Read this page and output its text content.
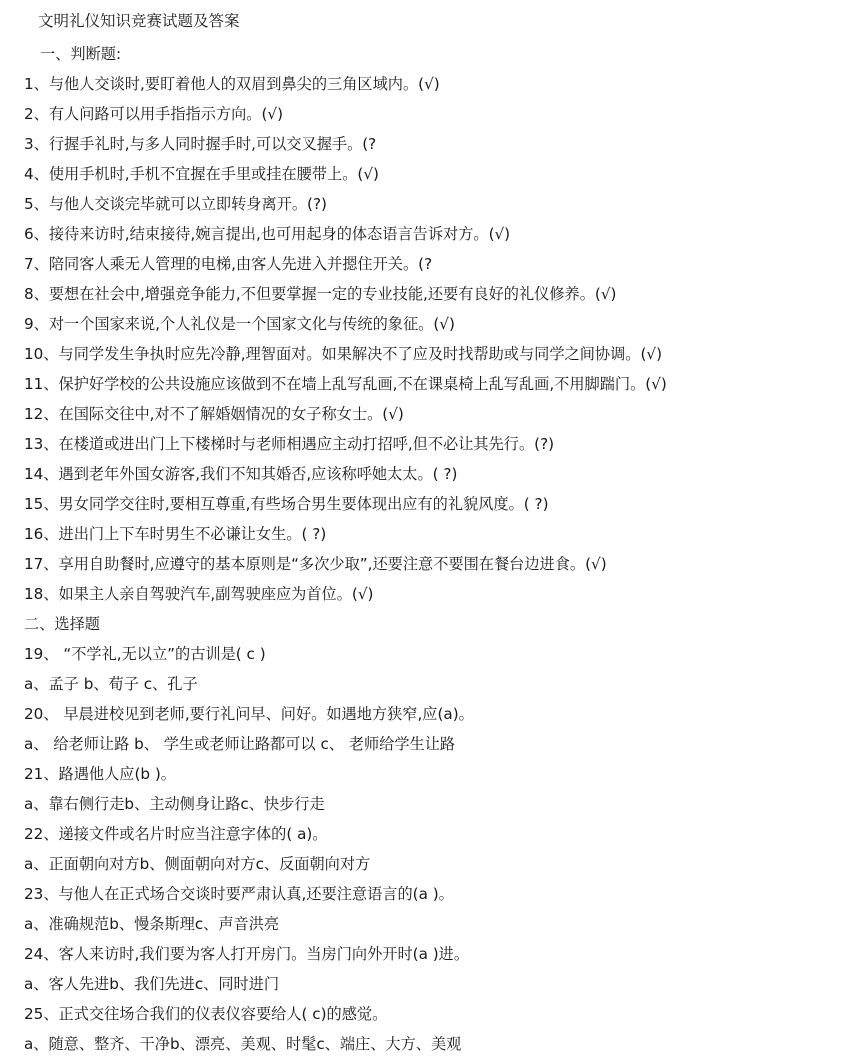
文明礼仪知识竞赛试题及答案
一、判断题:
1、与他人交谈时,要盯着他人的双眉到鼻尖的三角区域内。(√)
2、有人问路可以用手指指示方向。(√)
3、行握手礼时,与多人同时握手时,可以交叉握手。(?
4、使用手机时,手机不宜握在手里或挂在腰带上。(√)
5、与他人交谈完毕就可以立即转身离开。(?)
6、接待来访时,结束接待,婉言提出,也可用起身的体态语言告诉对方。(√)
7、陪同客人乘无人管理的电梯,由客人先进入并摁住开关。(?
8、要想在社会中,增强竞争能力,不但要掌握一定的专业技能,还要有良好的礼仪修养。(√)
9、对一个国家来说,个人礼仪是一个国家文化与传统的象征。(√)
10、与同学发生争执时应先冷静,理智面对。如果解决不了应及时找帮助或与同学之间协调。(√)
11、保护好学校的公共设施应该做到不在墙上乱写乱画,不在课桌椅上乱写乱画,不用脚踹门。(√)
12、在国际交往中,对不了解婚姻情况的女子称女士。(√)
13、在楼道或进出门上下楼梯时与老师相遇应主动打招呼,但不必让其先行。(?)
14、遇到老年外国女游客,我们不知其婚否,应该称呼她太太。( ?)
15、男女同学交往时,要相互尊重,有些场合男生要体现出应有的礼貌风度。( ?)
16、进出门上下车时男生不必谦让女生。( ?)
17、享用自助餐时,应遵守的基本原则是“多次少取”,还要注意不要围在餐台边进食。(√)
18、如果主人亲自驾驶汽车,副驾驶座应为首位。(√)
二、选择题
19、 “不学礼,无以立”的古训是( c )
a、孟子 b、荀子 c、孔子
20、 早晨进校见到老师,要行礼问早、问好。如遇地方狭窄,应(a)。
a、 给老师让路 b、 学生或老师让路都可以 c、 老师给学生让路
21、路遇他人应(b )。
a、靠右侧行走b、主动侧身让路c、快步行走
22、递接文件或名片时应当注意字体的( a)。
a、正面朝向对方b、侧面朝向对方c、反面朝向对方
23、与他人在正式场合交谈时要严肃认真,还要注意语言的(a )。
a、准确规范b、慢条斯理c、声音洪亮
24、客人来访时,我们要为客人打开房门。当房门向外开时(a )进。
a、客人先进b、我们先进c、同时进门
25、正式交往场合我们的仪表仪容要给人( c)的感觉。
a、随意、整齐、干净b、漂亮、美观、时髦c、端庄、大方、美观
